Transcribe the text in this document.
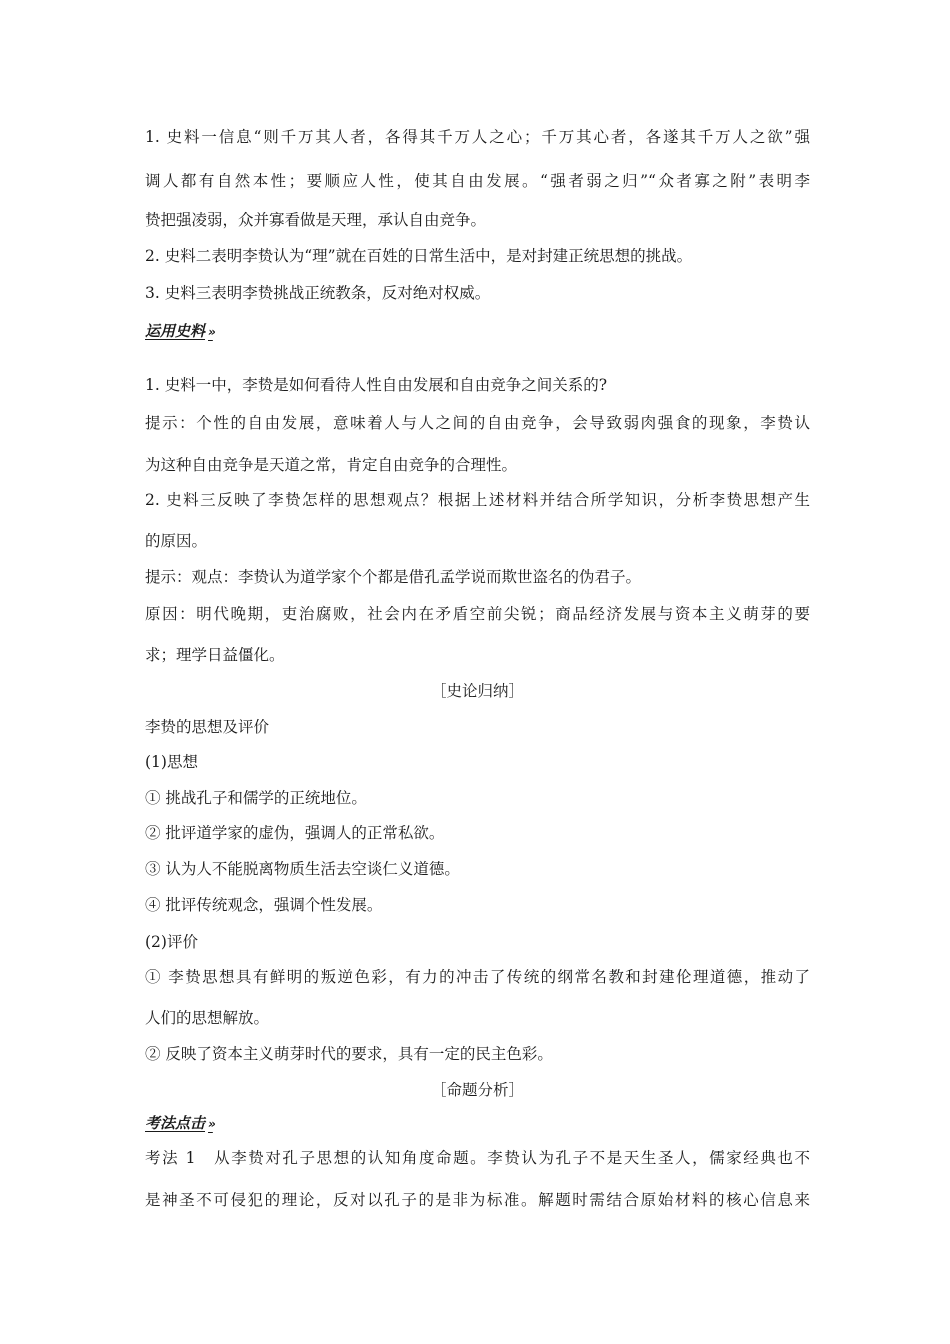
1. 史料一信息“则千万其人者，各得其千万人之心；千万其心者，各遂其千万人之欲”强
调人都有自然本性；要顺应人性，使其自由发展。“强者弱之归”“众者寡之附”表明李
贽把强凌弱，众并寡看做是天理，承认自由竞争。
2. 史料二表明李贽认为“理”就在百姓的日常生活中，是对封建正统思想的挑战。
3. 史料三表明李贽挑战正统教条，反对绝对权威。
运用史料 »
1. 史料一中，李贽是如何看待人性自由发展和自由竞争之间关系的?
提示：个性的自由发展，意味着人与人之间的自由竞争，会导致弱肉强食的现象，李贽认
为这种自由竞争是天道之常，肯定自由竞争的合理性。
2. 史料三反映了李贽怎样的思想观点？根据上述材料并结合所学知识，分析李贽思想产生
的原因。
提示：观点：李贽认为道学家个个都是借孔孟学说而欺世盗名的伪君子。
原因：明代晚期，吏治腐败，社会内在矛盾空前尖锐；商品经济发展与资本主义萌芽的要
求；理学日益僵化。
［史论归纳］
李贽的思想及评价
(1)思想
① 挑战孔子和儒学的正统地位。
② 批评道学家的虚伪，强调人的正常私欲。
③ 认为人不能脱离物质生活去空谈仁义道德。
④ 批评传统观念，强调个性发展。
(2)评价
① 李贽思想具有鲜明的叛逆色彩，有力的冲击了传统的纲常名教和封建伦理道德，推动了
人们的思想解放。
② 反映了资本主义萌芽时代的要求，具有一定的民主色彩。
［命题分析］
考法点击 »
考法 1　从李贽对孔子思想的认知角度命题。李贽认为孔子不是天生圣人，儒家经典也不
是神圣不可侵犯的理论，反对以孔子的是非为标准。解题时需结合原始材料的核心信息来
